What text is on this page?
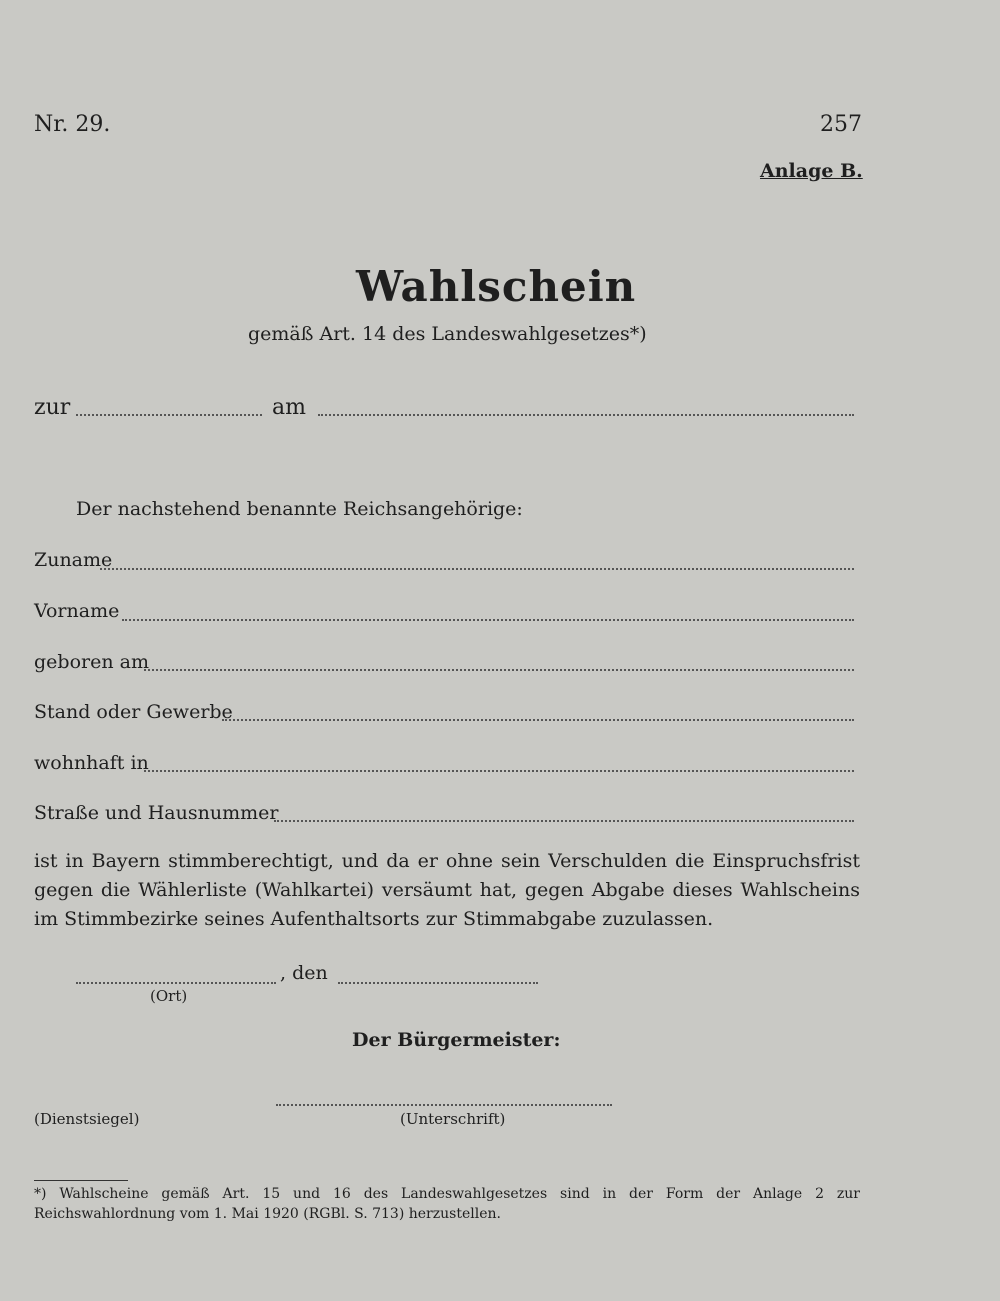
Nr. 29.	257
Anlage B.
Wahlschein
gemäß Art. 14 des Landeswahlgesetzes*)
zur	am
Der nachstehend benannte Reichsangehörige:
Zuname
Vorname
geboren am
Stand oder Gewerbe
wohnhaft in
Straße und Hausnummer
ist in Bayern stimmberechtigt, und da er ohne sein Verschulden die Einspruchsfrist gegen die Wählerliste (Wahlkartei) versäumt hat, gegen Abgabe dieses Wahlscheins im Stimmbezirke seines Aufenthaltsorts zur Stimmabgabe zuzulassen.
, den
(Ort)
Der Bürgermeister:
(Dienstsiegel)	(Unterschrift)
*) Wahlscheine gemäß Art. 15 und 16 des Landeswahlgesetzes sind in der Form der Anlage 2 zur Reichswahlordnung vom 1. Mai 1920 (RGBl. S. 713) herzustellen.
